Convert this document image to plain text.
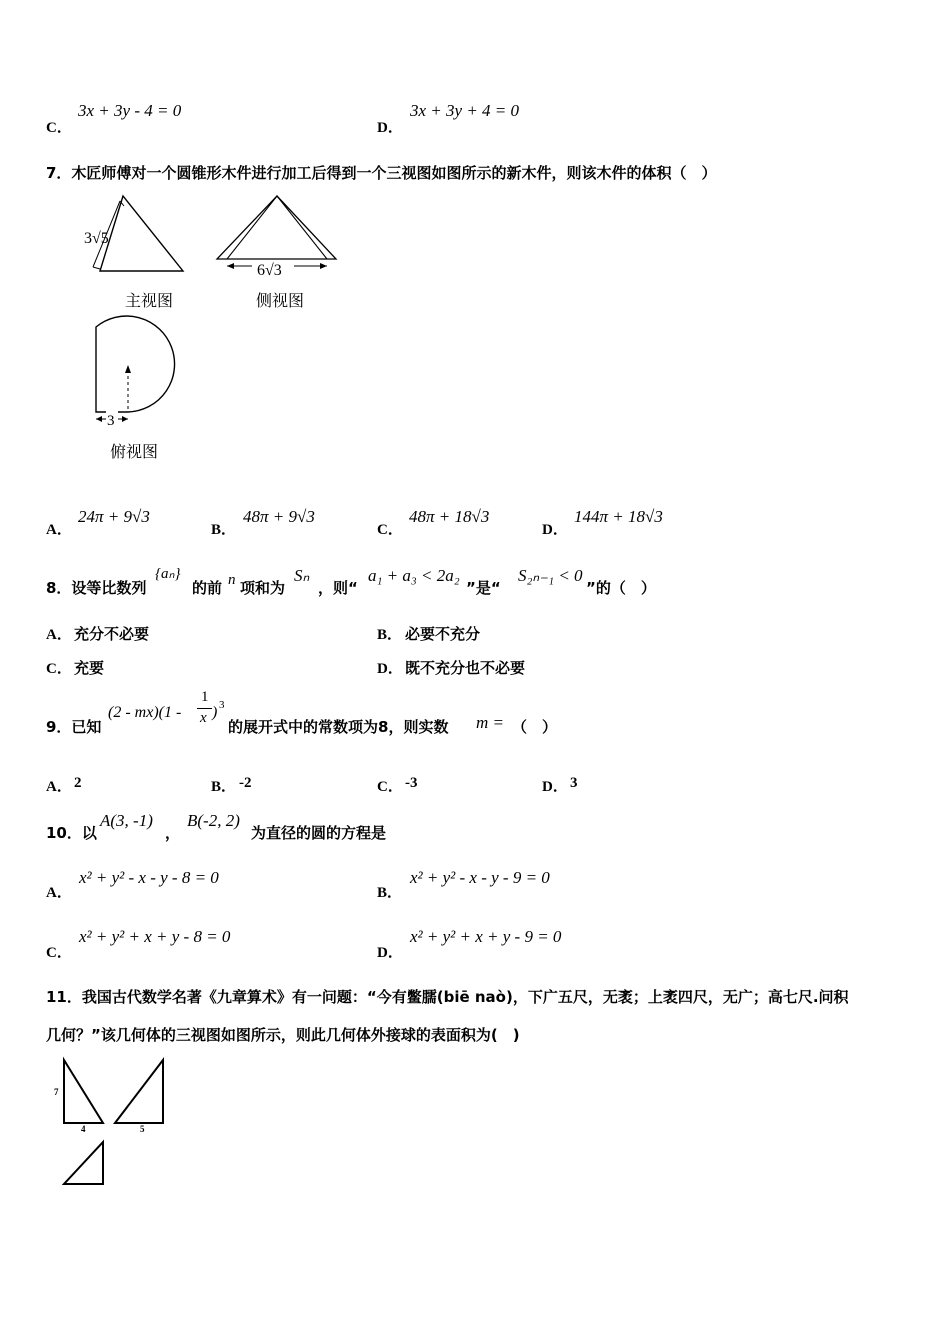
C．
3x + 3y - 4 = 0
D．
3x + 3y + 4 = 0
7．木匠师傅对一个圆锥形木件进行加工后得到一个三视图如图所示的新木件，则该木件的体积（　）
3√5
6√3
主视图	侧视图
3
俯视图
A．
24π + 9√3
B．
48π + 9√3
C．
48π + 18√3
D．
144π + 18√3
8．设等比数列
{aₙ}
的前 n 项和为
Sₙ
，则“
a₁ + a₃ < 2a₂
”是“
S₂ₙ₋₁ < 0
”的（　）
A． 充分不必要	B． 必要不充分
C． 充要	D． 既不充分也不必要
9．已知
(2 - mx)(1 -
1
x ) 3
的展开式中的常数项为8，则实数 m = （　）
A． 2	B． -2	C． -3	D． 3
10．以
A(3, -1)
，
B(-2, 2)
为直径的圆的方程是
A．
x² + y² - x - y - 8 = 0
B．
x² + y² - x - y - 9 = 0
C．
x² + y² + x + y - 8 = 0
D．
x² + y² + x + y - 9 = 0
11．我国古代数学名著《九章算术》有一问题：“今有鳖臑(biē naò)，下广五尺，无袤；上袤四尺，无广；高七尺.问积
几何？”该几何体的三视图如图所示，则此几何体外接球的表面积为(　)
7
4	5
